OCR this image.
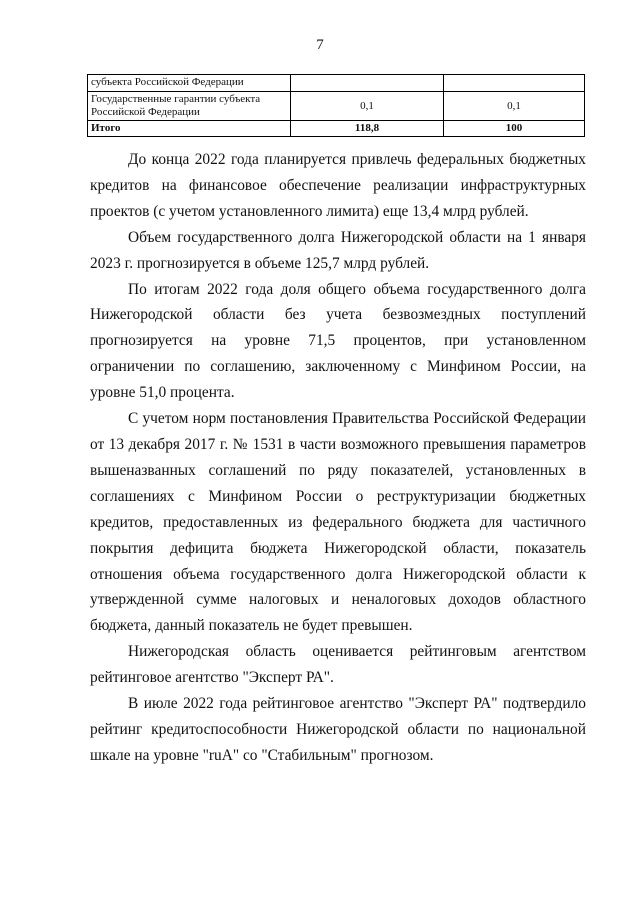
7
субъекта Российской Федерации		
Государственные гарантии субъекта Российской Федерации	0,1	0,1
Итого	118,8	100

До конца 2022 года планируется привлечь федеральных бюджетных кредитов на финансовое обеспечение реализации инфраструктурных проектов (с учетом установленного лимита) еще 13,4 млрд рублей.

Объем государственного долга Нижегородской области на 1 января 2023 г. прогнозируется в объеме 125,7 млрд рублей.

По итогам 2022 года доля общего объема государственного долга Нижегородской области без учета безвозмездных поступлений прогнозируется на уровне 71,5 процентов, при установленном ограничении по соглашению, заключенному с Минфином России, на уровне 51,0 процента.

С учетом норм постановления Правительства Российской Федерации от 13 декабря 2017 г. № 1531 в части возможного превышения параметров вышеназванных соглашений по ряду показателей, установленных в соглашениях с Минфином России о реструктуризации бюджетных кредитов, предоставленных из федерального бюджета для частичного покрытия дефицита бюджета Нижегородской области, показатель отношения объема государственного долга Нижегородской области к утвержденной сумме налоговых и неналоговых доходов областного бюджета, данный показатель не будет превышен.

Нижегородская область оценивается рейтинговым агентством рейтинговое агентство "Эксперт РА".

В июле 2022 года рейтинговое агентство "Эксперт РА" подтвердило рейтинг кредитоспособности Нижегородской области по национальной шкале на уровне "ruA" со "Стабильным" прогнозом.
